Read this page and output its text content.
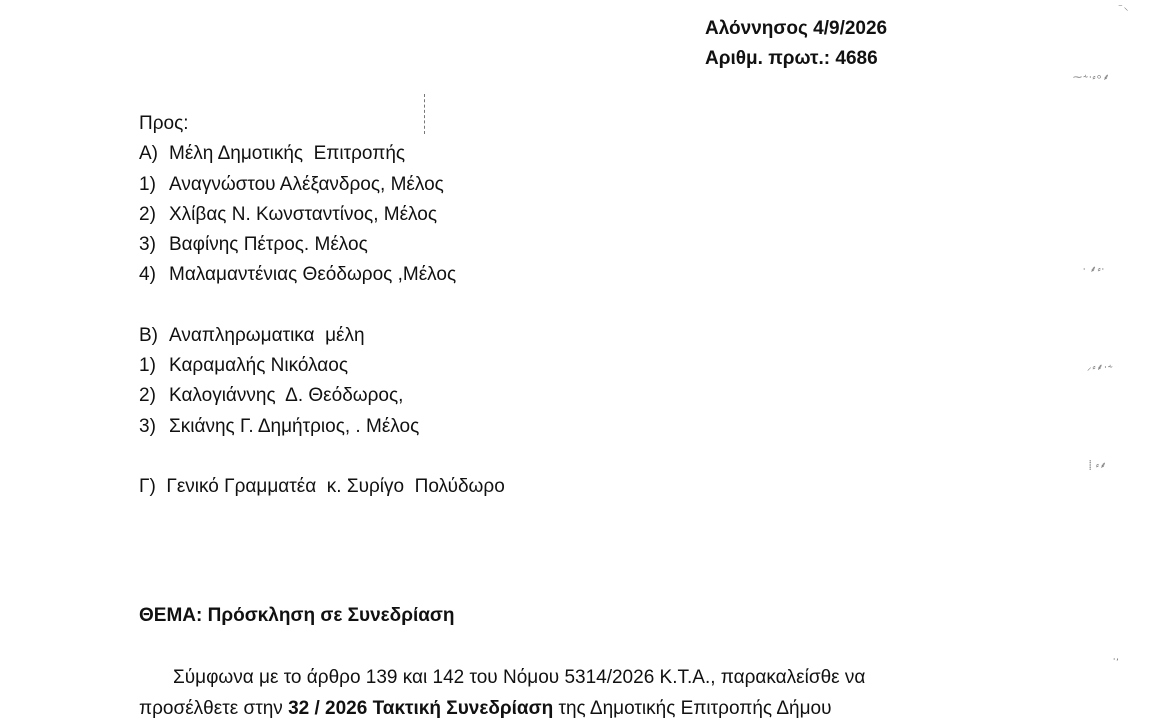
Αλόννησος 4/9/2026
Αριθμ. πρωτ.: 4686
Προς:
A) Μέλη Δημοτικής  Επιτροπής
1) Αναγνώστου Αλέξανδρος, Μέλος
2) Χλίβας Ν. Κωνσταντίνος, Μέλος
3) Βαφίνης Πέτρος. Μέλος
4) Μαλαμαντένιας Θεόδωρος ,Μέλος
B) Αναπληρωματικα  μέλη
1) Καραμαλής Νικόλαος
2) Καλογιάννης  Δ. Θεόδωρος,
3) Σκιάνης Γ. Δημήτριος, . Μέλος
Γ)  Γενικό Γραμματέα  κ. Συρίγο  Πολύδωρο
ΘΕΜΑ: Πρόσκληση σε Συνεδρίαση
Σύμφωνα με το άρθρο 139 και 142 του Νόμου 5314/2026 Κ.Τ.Α., παρακαλείσθε να
προσέλθετε στην 32 / 2026 Τακτική Συνεδρίαση της Δημοτικής Επιτροπής Δήμου
⁻⸜
⁓⸞⸱⸗⸰⸙
⸱ ⸙⸗⸱
⸝⸗⸙⸱⸞
⸽ ⸗⸙
⸳⸴
